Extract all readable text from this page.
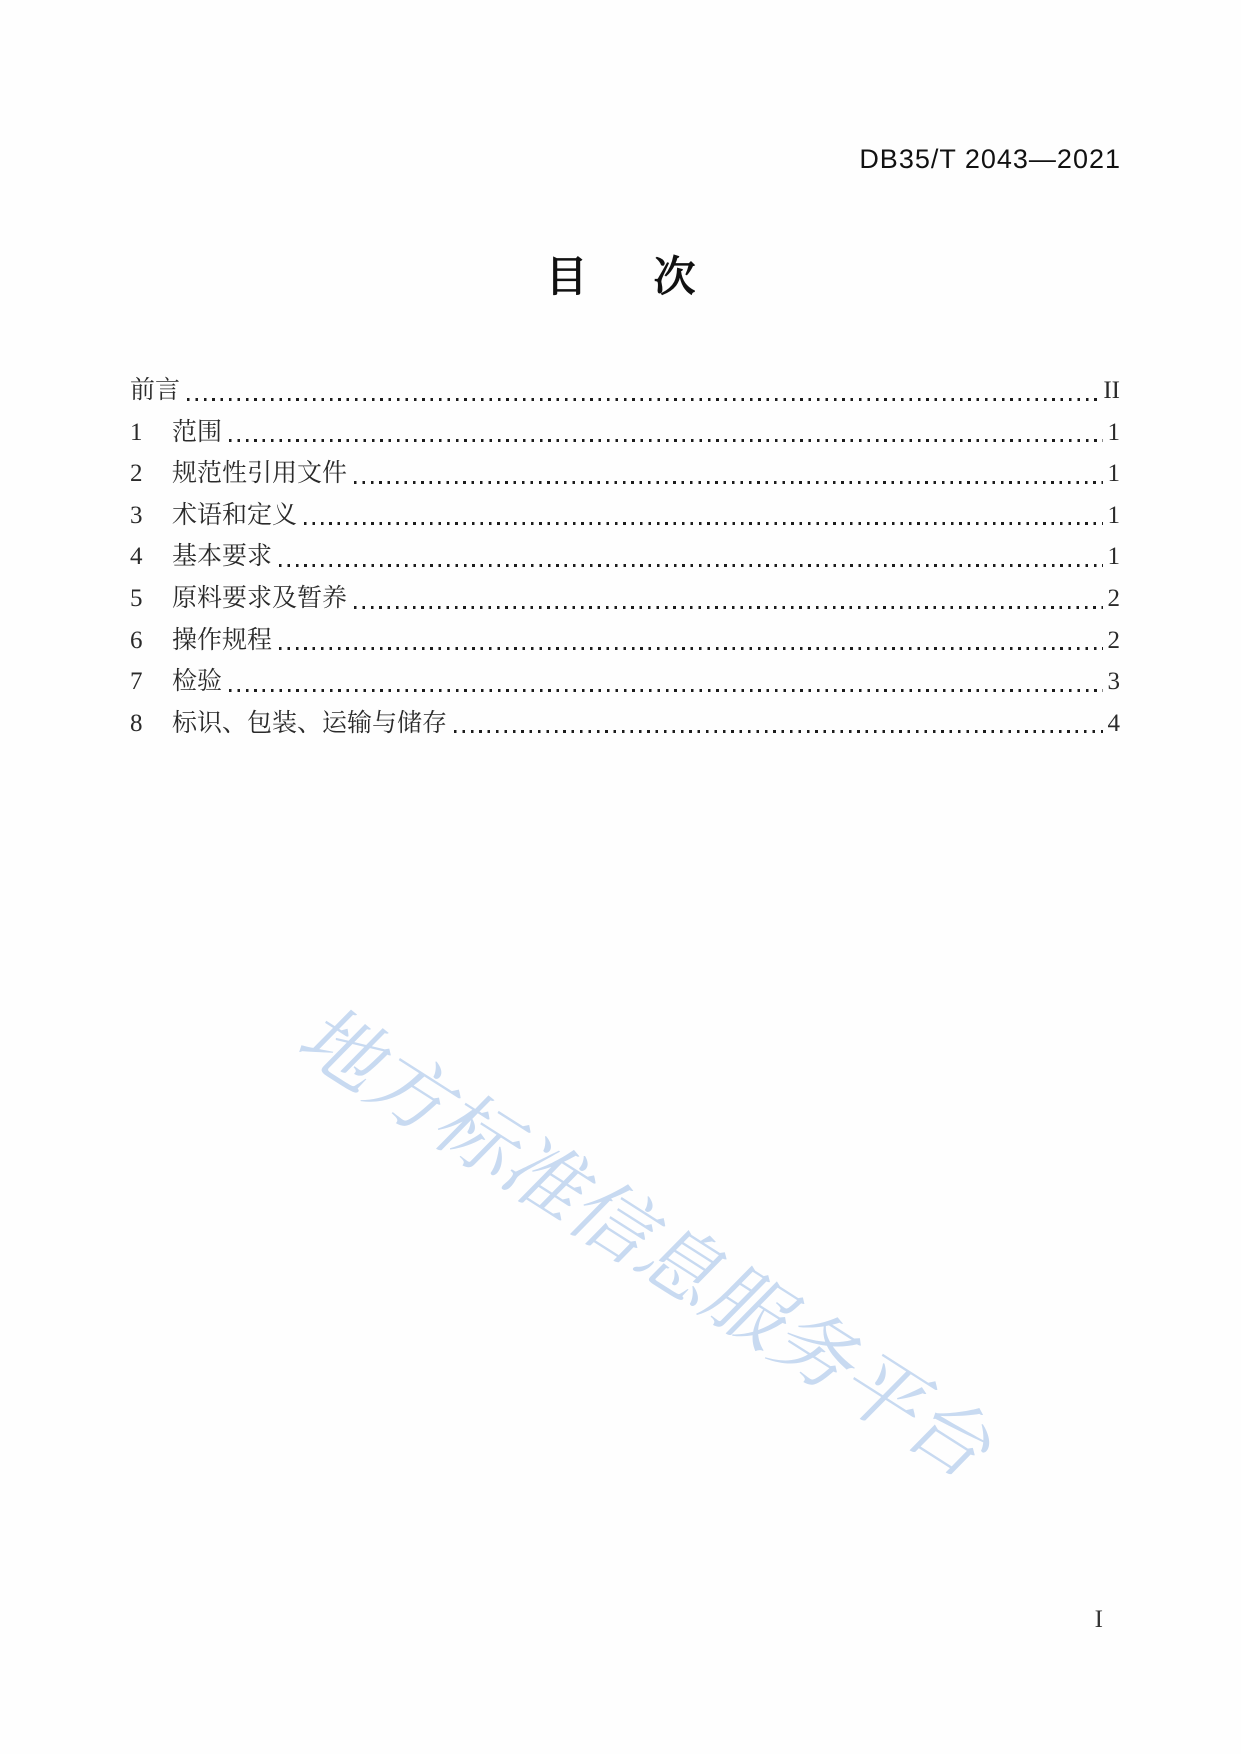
DB35/T 2043—2021
目 次
前言	II
1	范围	1
2	规范性引用文件	1
3	术语和定义	1
4	基本要求	1
5	原料要求及暂养	2
6	操作规程	2
7	检验	3
8	标识、包装、运输与储存	4
地方标准信息服务平台
I
